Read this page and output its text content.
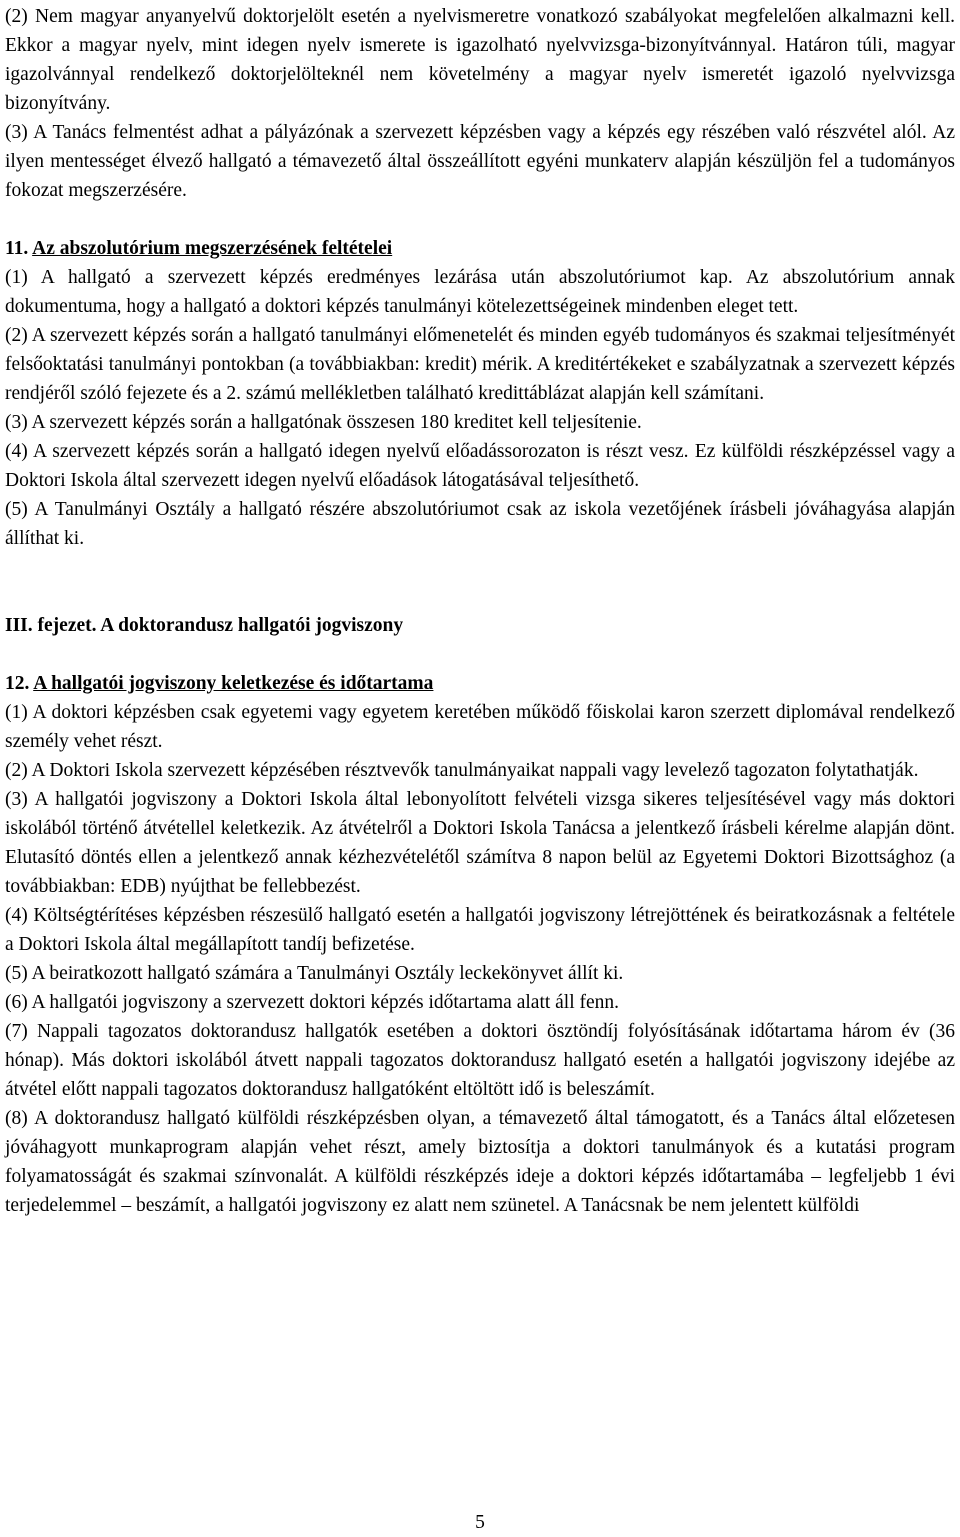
(2) Nem magyar anyanyelvű doktorjelölt esetén a nyelvismeretre vonatkozó szabályokat megfelelően alkalmazni kell. Ekkor a magyar nyelv, mint idegen nyelv ismerete is igazolható nyelvvizsga-bizonyítvánnyal. Határon túli, magyar igazolvánnyal rendelkező doktorjelölteknél nem követelmény a magyar nyelv ismeretét igazoló nyelvvizsga bizonyítvány.

(3) A Tanács felmentést adhat a pályázónak a szervezett képzésben vagy a képzés egy részében való részvétel alól. Az ilyen mentességet élvező hallgató a témavezető által összeállított egyéni munkaterv alapján készüljön fel a tudományos fokozat megszerzésére.

11. Az abszolutórium megszerzésének feltételei

(1) A hallgató a szervezett képzés eredményes lezárása után abszolutóriumot kap. Az abszolutórium annak dokumentuma, hogy a hallgató a doktori képzés tanulmányi kötelezettségeinek mindenben eleget tett.

(2) A szervezett képzés során a hallgató tanulmányi előmenetelét és minden egyéb tudományos és szakmai teljesítményét felsőoktatási tanulmányi pontokban (a továbbiakban: kredit) mérik. A kreditértékeket e szabályzatnak a szervezett képzés rendjéről szóló fejezete és a 2. számú mellékletben található kredittáblázat alapján kell számítani.

(3) A szervezett képzés során a hallgatónak összesen 180 kreditet kell teljesítenie.

(4) A szervezett képzés során a hallgató idegen nyelvű előadássorozaton is részt vesz. Ez külföldi részképzéssel vagy a Doktori Iskola által szervezett idegen nyelvű előadások látogatásával teljesíthető.

(5) A Tanulmányi Osztály a hallgató részére abszolutóriumot csak az iskola vezetőjének írásbeli jóváhagyása alapján állíthat ki.

III. fejezet. A doktorandusz hallgatói jogviszony

12. A hallgatói jogviszony keletkezése és időtartama

(1) A doktori képzésben csak egyetemi vagy egyetem keretében működő főiskolai karon szerzett diplomával rendelkező személy vehet részt.

(2) A Doktori Iskola szervezett képzésében résztvevők tanulmányaikat nappali vagy levelező tagozaton folytathatják.

(3) A hallgatói jogviszony a Doktori Iskola által lebonyolított felvételi vizsga sikeres teljesítésével vagy más doktori iskolából történő átvétellel keletkezik. Az átvételről a Doktori Iskola Tanácsa a jelentkező írásbeli kérelme alapján dönt. Elutasító döntés ellen a jelentkező annak kézhezvételétől számítva 8 napon belül az Egyetemi Doktori Bizottsághoz (a továbbiakban: EDB) nyújthat be fellebbezést.

(4) Költségtérítéses képzésben részesülő hallgató esetén a hallgatói jogviszony létrejöttének és beiratkozásnak a feltétele a Doktori Iskola által megállapított tandíj befizetése.

(5) A beiratkozott hallgató számára a Tanulmányi Osztály leckekönyvet állít ki.

(6) A hallgatói jogviszony a szervezett doktori képzés időtartama alatt áll fenn.

(7) Nappali tagozatos doktorandusz hallgatók esetében a doktori ösztöndíj folyósításának időtartama három év (36 hónap). Más doktori iskolából átvett nappali tagozatos doktorandusz hallgató esetén a hallgatói jogviszony idejébe az átvétel előtt nappali tagozatos doktorandusz hallgatóként eltöltött idő is beleszámít.

(8) A doktorandusz hallgató külföldi részképzésben olyan, a témavezető által támogatott, és a Tanács által előzetesen jóváhagyott munkaprogram alapján vehet részt, amely biztosítja a doktori tanulmányok és a kutatási program folyamatosságát és szakmai színvonalát. A külföldi részképzés ideje a doktori képzés időtartamába – legfeljebb 1 évi terjedelemmel – beszámít, a hallgatói jogviszony ez alatt nem szünetel. A Tanácsnak be nem jelentett külföldi

5
